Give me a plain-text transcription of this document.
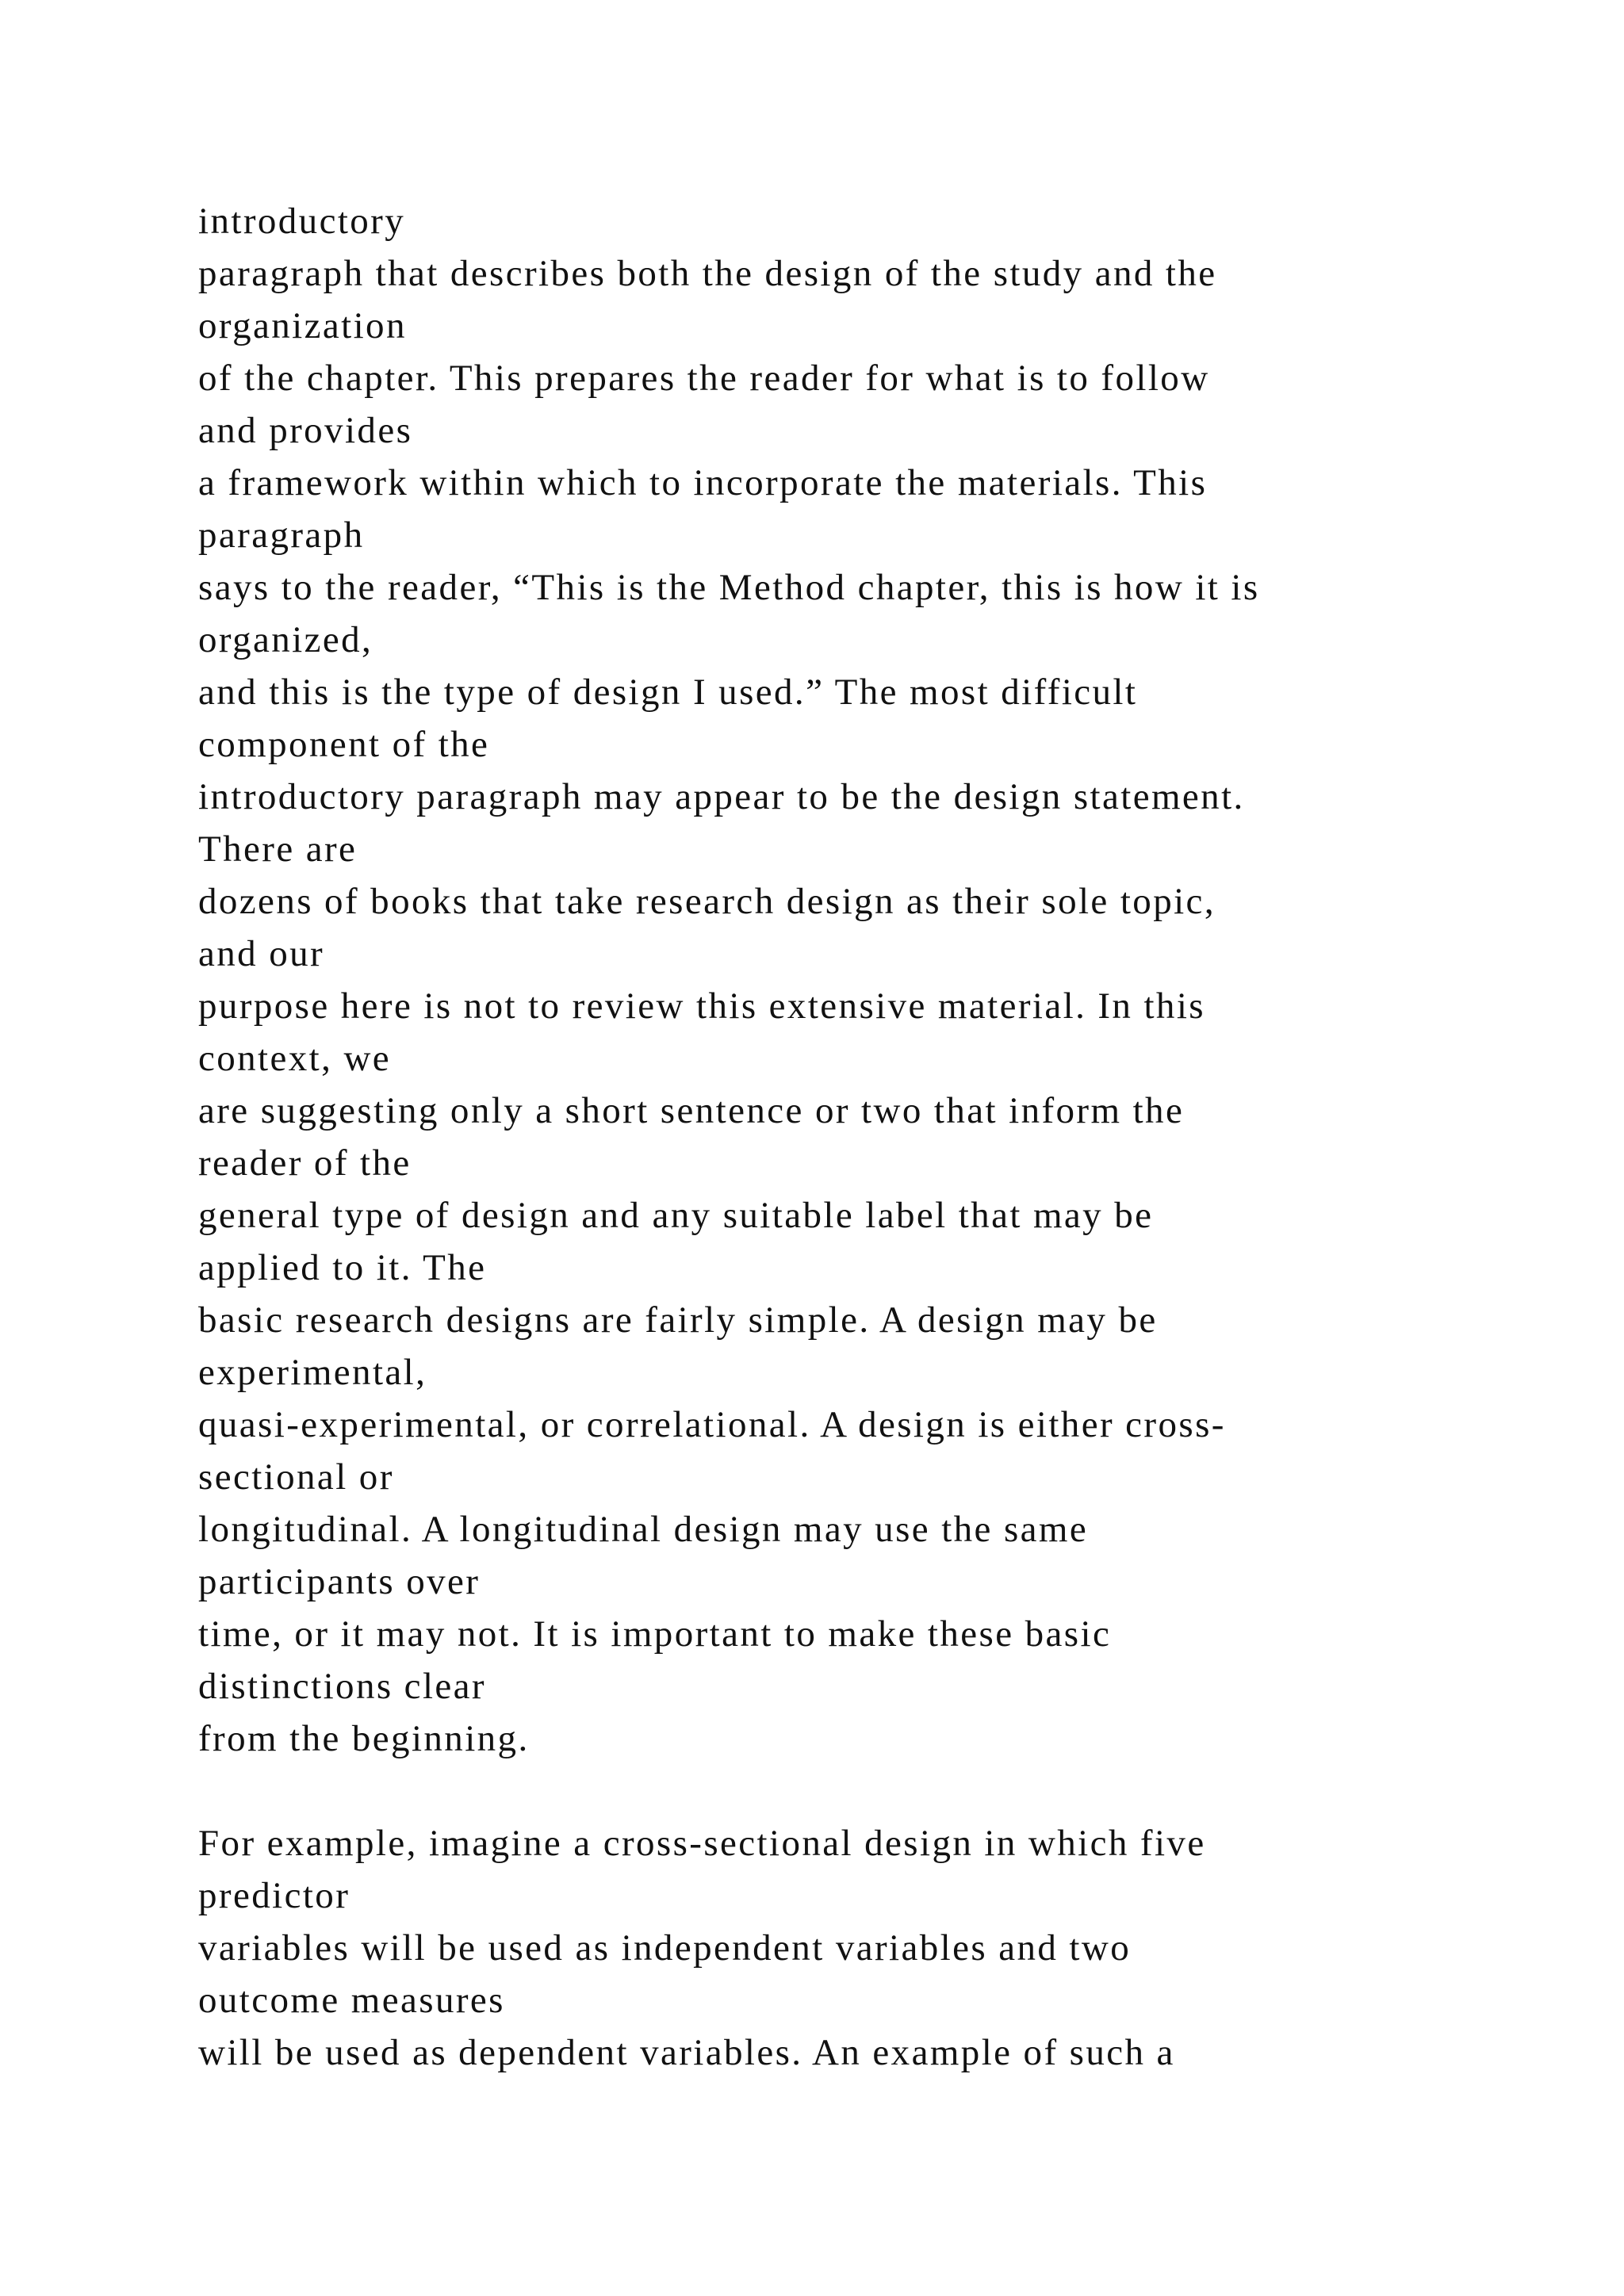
introductory
paragraph that describes both the design of the study and the
organization
of the chapter. This prepares the reader for what is to follow
and provides
a framework within which to incorporate the materials. This
paragraph
says to the reader, “This is the Method chapter, this is how it is
organized,
and this is the type of design I used.” The most difficult
component of the
introductory paragraph may appear to be the design statement.
There are
dozens of books that take research design as their sole topic,
and our
purpose here is not to review this extensive material. In this
context, we
are suggesting only a short sentence or two that inform the
reader of the
general type of design and any suitable label that may be
applied to it. The
basic research designs are fairly simple. A design may be
experimental,
quasi-experimental, or correlational. A design is either cross-
sectional or
longitudinal. A longitudinal design may use the same
participants over
time, or it may not. It is important to make these basic
distinctions clear
from the beginning.
For example, imagine a cross-sectional design in which five
predictor
variables will be used as independent variables and two
outcome measures
will be used as dependent variables. An example of such a
